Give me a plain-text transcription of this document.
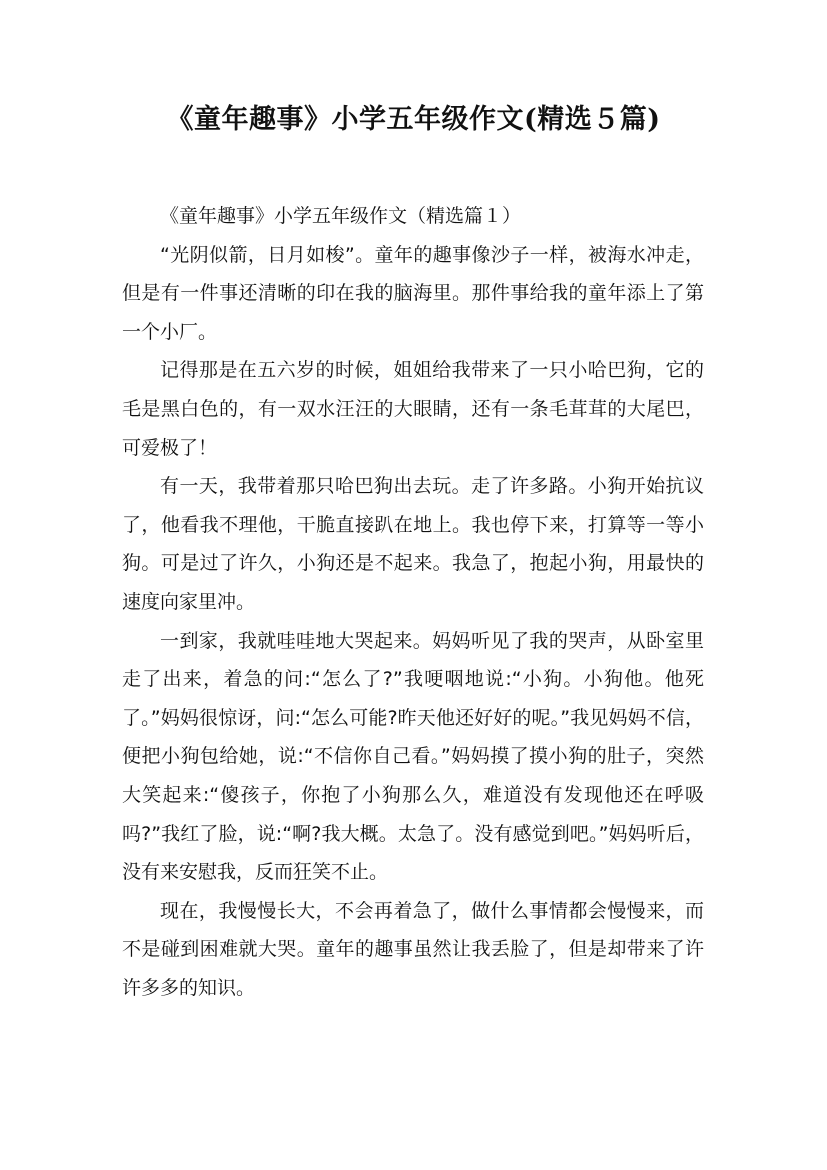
《童年趣事》小学五年级作文(精选５篇)

《童年趣事》小学五年级作文（精选篇１）

“光阴似箭，日月如梭”。童年的趣事像沙子一样，被海水冲走，但是有一件事还清晰的印在我的脑海里。那件事给我的童年添上了第一个小厂。

记得那是在五六岁的时候，姐姐给我带来了一只小哈巴狗，它的毛是黑白色的，有一双水汪汪的大眼睛，还有一条毛茸茸的大尾巴，可爱极了！

有一天，我带着那只哈巴狗出去玩。走了许多路。小狗开始抗议了，他看我不理他，干脆直接趴在地上。我也停下来，打算等一等小狗。可是过了许久，小狗还是不起来。我急了，抱起小狗，用最快的速度向家里冲。

一到家，我就哇哇地大哭起来。妈妈听见了我的哭声，从卧室里走了出来，着急的问:“怎么了?”我哽咽地说:“小狗。小狗他。他死了。”妈妈很惊讶，问:“怎么可能?昨天他还好好的呢。”我见妈妈不信，便把小狗包给她，说:“不信你自己看。”妈妈摸了摸小狗的肚子，突然大笑起来:“傻孩子，你抱了小狗那么久，难道没有发现他还在呼吸吗?”我红了脸，说:“啊?我大概。太急了。没有感觉到吧。”妈妈听后，没有来安慰我，反而狂笑不止。

现在，我慢慢长大，不会再着急了，做什么事情都会慢慢来，而不是碰到困难就大哭。童年的趣事虽然让我丢脸了，但是却带来了许许多多的知识。
